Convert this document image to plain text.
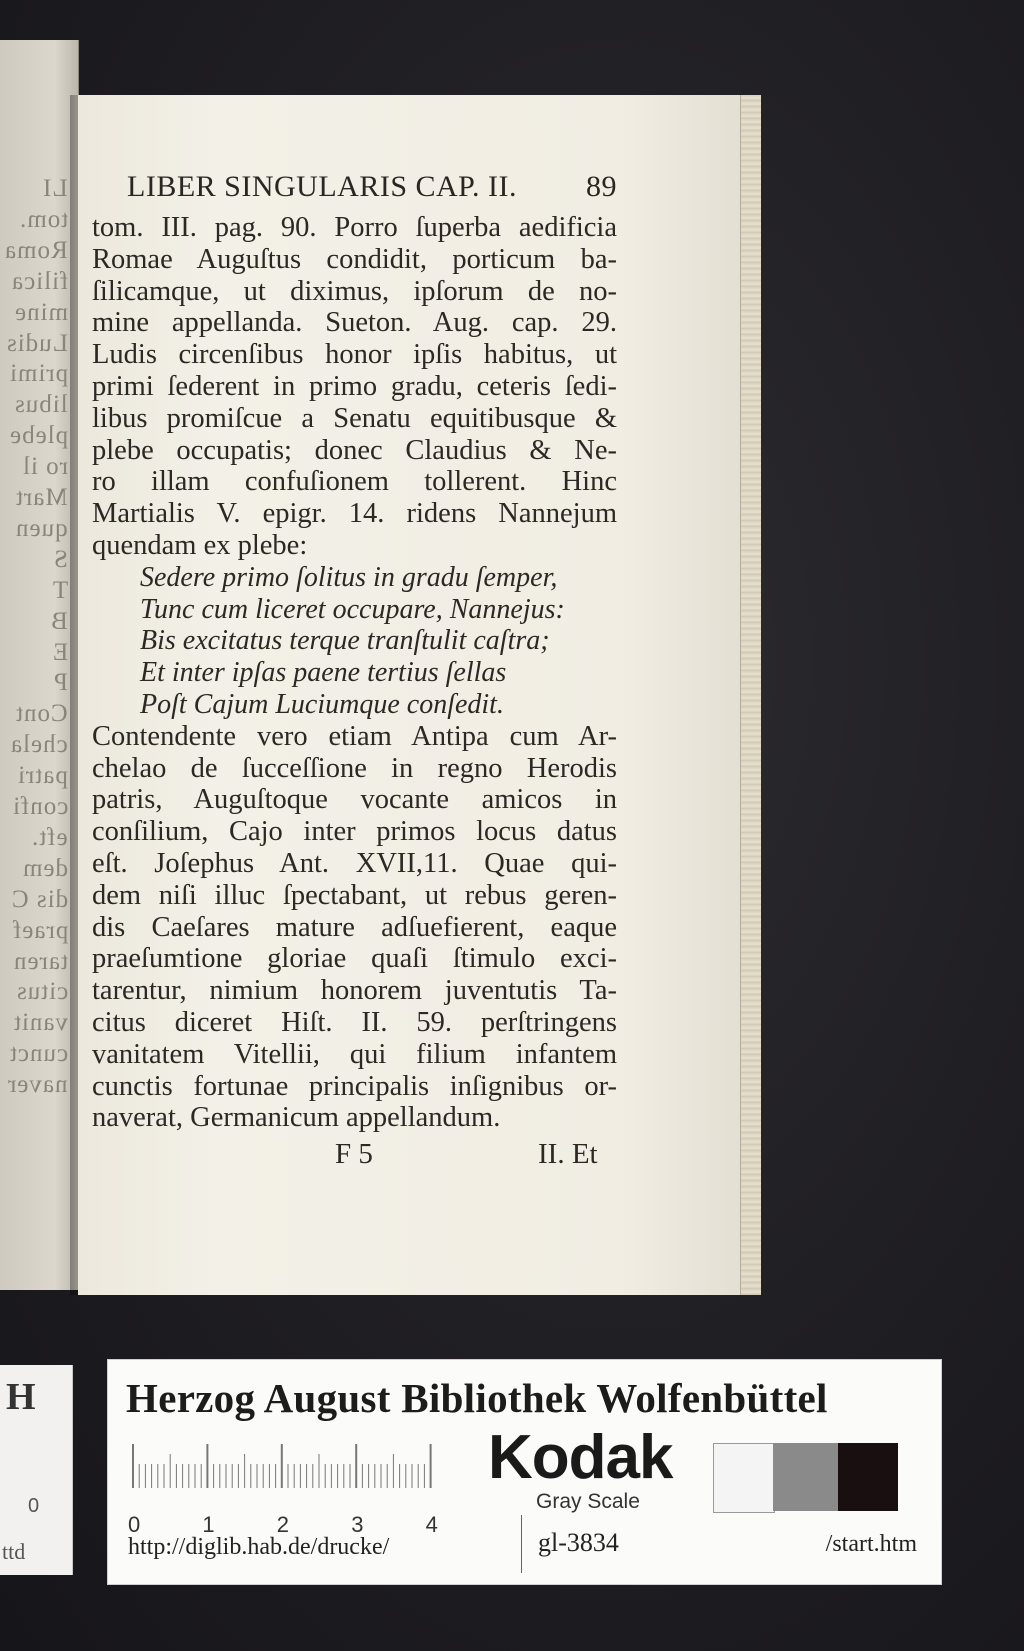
LI
tom.
Roma
filica
mine
Ludis
primi
libus
plebe
ro il
Mart
quen
S
T
B
E
P
Cont
chela
patri
confi
eft.
dem
dis C
praef
taren
citus
vanit
cunct
naver
LIBER SINGULARIS CAP. II. 89
tom. III. pag. 90. Porro ſuperba aedificia
Romae Auguſtus condidit, porticum ba-
ſilicamque, ut diximus, ipſorum de no-
mine appellanda. Sueton. Aug. cap. 29.
Ludis circenſibus honor ipſis habitus, ut
primi ſederent in primo gradu, ceteris ſedi-
libus promiſcue a Senatu equitibusque &
plebe occupatis; donec Claudius & Ne-
ro illam confuſionem tollerent. Hinc
Martialis V. epigr. 14. ridens Nannejum
quendam ex plebe:
Sedere primo ſolitus in gradu ſemper,
Tunc cum liceret occupare, Nannejus:
Bis excitatus terque tranſtulit caſtra;
Et inter ipſas paene tertius ſellas
Poſt Cajum Luciumque conſedit.
Contendente vero etiam Antipa cum Ar-
chelao de ſucceſſione in regno Herodis
patris, Auguſtoque vocante amicos in
conſilium, Cajo inter primos locus datus
eſt. Joſephus Ant. XVII,11. Quae qui-
dem niſi illuc ſpectabant, ut rebus geren-
dis Caeſares mature adſuefierent, eaque
praeſumtione gloriae quaſi ſtimulo exci-
tarentur, nimium honorem juventutis Ta-
citus diceret Hiſt. II. 59. perſtringens
vanitatem Vitellii, qui filium infantem
cunctis fortunae principalis inſignibus or-
naverat, Germanicum appellandum.
F 5	II. Et
H
0
ttd
Herzog August Bibliothek Wolfenbüttel
0	1	2	3	4
Kodak
Gray Scale
http://diglib.hab.de/drucke/	gl-3834	/start.htm
